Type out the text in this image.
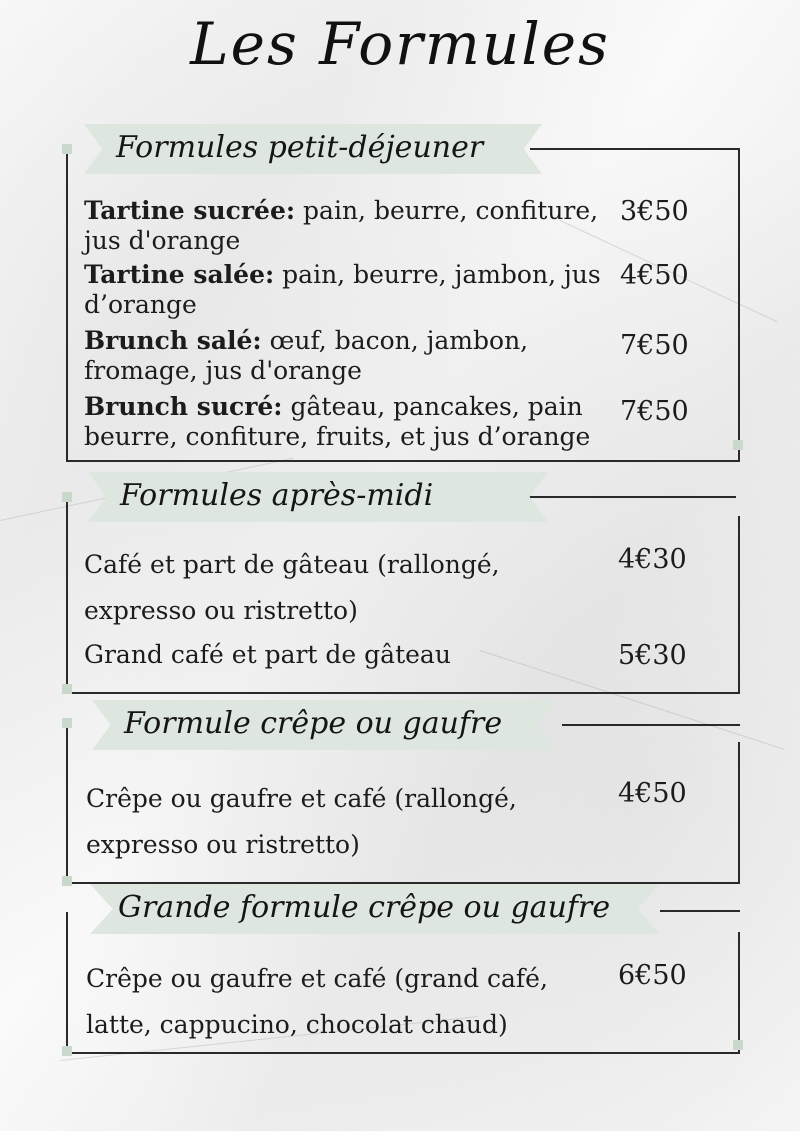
Les Formules
Formules petit-déjeuner
Tartine sucrée: pain, beurre, confiture, jus d'orange
3€50
Tartine salée: pain, beurre, jambon, jus d’orange
4€50
Brunch salé: œuf, bacon, jambon, fromage, jus d'orange
7€50
Brunch sucré: gâteau, pancakes, pain beurre, confiture, fruits, et jus d’orange
7€50
Formules après-midi
Café et part de gâteau (rallongé, expresso ou ristretto)
4€30
Grand café et part de gâteau	5€30
Formule crêpe ou gaufre
Crêpe ou gaufre et café (rallongé, expresso ou ristretto)
4€50
Grande formule crêpe ou gaufre
Crêpe ou gaufre et café (grand café, latte, cappucino, chocolat chaud)
6€50
